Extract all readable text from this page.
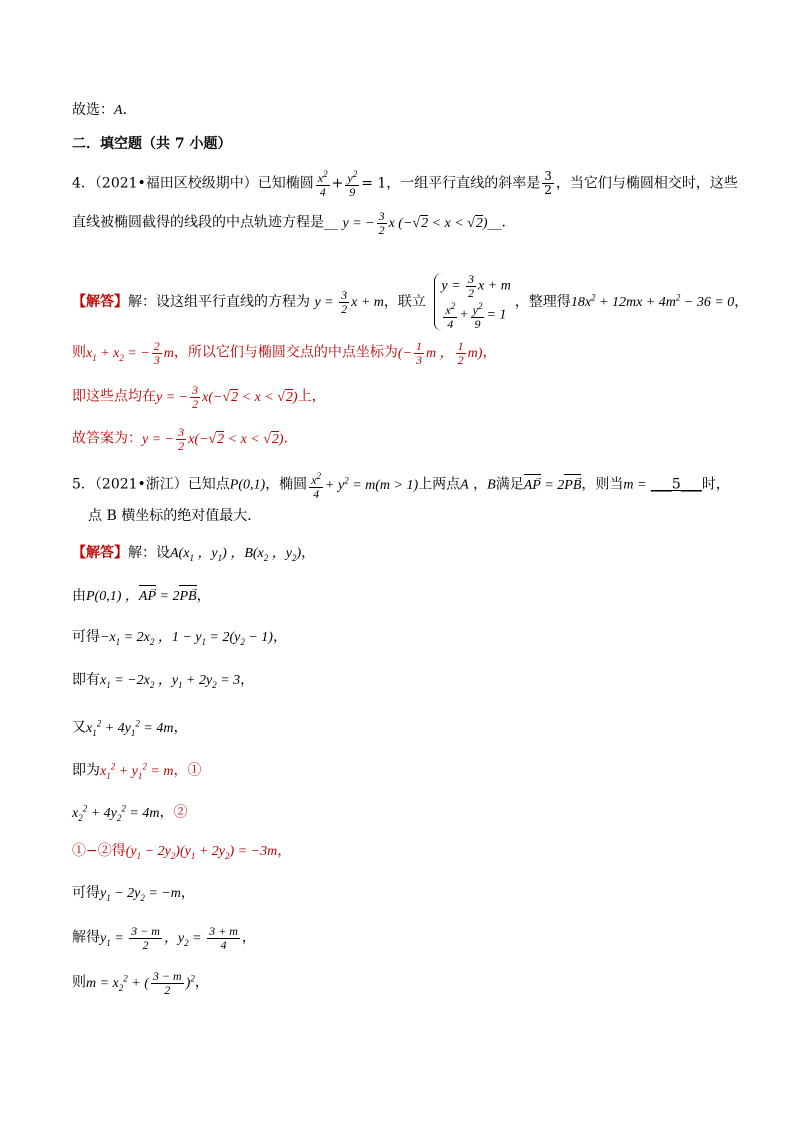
故选：A．
二．填空题（共 7 小题）
4．（2021•福田区校级期中）已知椭圆 $\frac{x^2}{4} + \frac{y^2}{9} = 1$，一组平行直线的斜率是 $\frac{3}{2}$ ，当它们与椭圆相交时，这些
直线被椭圆截得的线段的中点轨迹方程是__ y = − $\frac{3}{2}$ x (−√2 < x < √2)__．
【解答】解：设这组平行直线的方程为 $y = \frac{3}{2}$ x + m，联立
$y = \frac{3}{2}$ x + m
$\frac{x^2}{4} + \frac{y^2}{9} = 1$
，整理得$18x^2 + 12mx + 4m^2 - 36 = 0$，
则$x_1 + x_2$ = − $\frac{2}{3}$ m，所以它们与椭圆交点的中点坐标为(− $\frac{1}{3}$ m ， $\frac{1}{2} m$)，
即这些点均在y = − $\frac{3}{2} x(-√2 < x < √2)$上，
故答案为：y = − $\frac{3}{2} x(-√2 < x < √2)$．
5．（2021•浙江）已知点P(0,1)，椭圆 $\frac{x^2}{4} + y^2 = m(m > 1)$上两点A ，B满足AP → = 2PB →，则当m = ___5___时，
点 B 横坐标的绝对值最大．
【解答】解：设$A(x_1$ ，$y_1$) ，$B(x_2$ ，$y_2$)，
由P(0,1) ，AP → = 2PB →，
可得$-x_1 = 2x_2$ ，$1 - y_1 = 2(y_2 - 1)$，
即有$x_1 = -2x_2$ ，$y_1 + 2y_2 = 3$，
又$x_1^2 + 4y_1^2 = 4m$，
即为$x_1^2 + y_1^2 = m$，①
$x_2^2 + 4y_2^2 = 4m$，②
①−②得$(y_1 - 2y_2)(y_1 + 2y_2) = -3m$，
可得$y_1 - 2y_2 = -m$，
解得$y_1 = \frac{3 - m}{2}$ ，$y_2 = \frac{3 + m}{4}$ ，
则$m = x_2^2$ + ( $\frac{3 - m}{2} )^2$，
